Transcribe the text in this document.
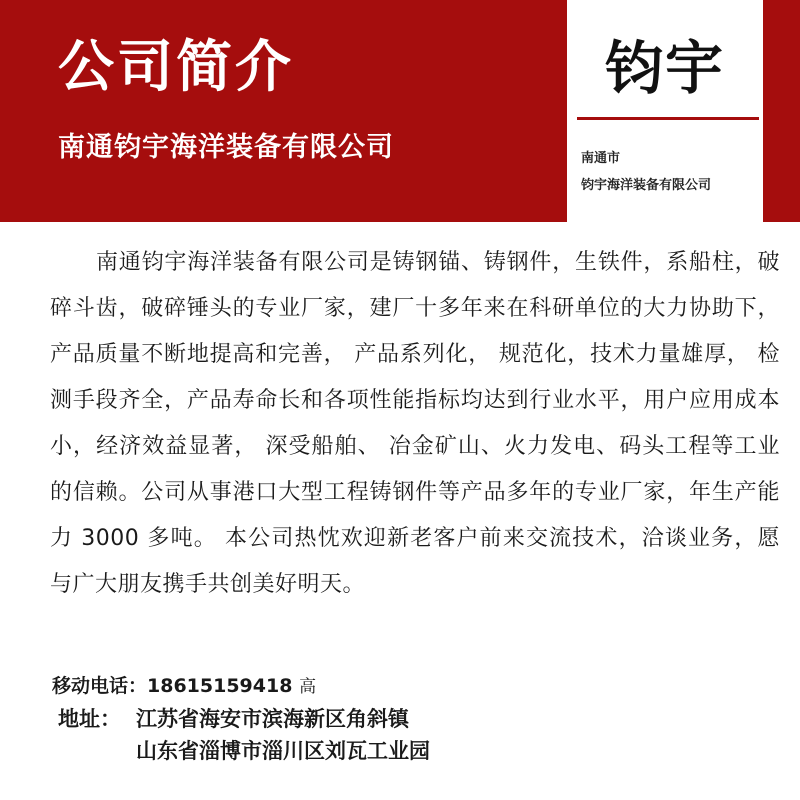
公司简介
南通钧宇海洋装备有限公司
钧宇
南通市
钧宇海洋装备有限公司

南通钧宇海洋装备有限公司是铸钢锚、铸钢件，生铁件，系船柱，破碎斗齿，破碎锤头的专业厂家，建厂十多年来在科研单位的大力协助下，产品质量不断地提高和完善， 产品系列化， 规范化，技术力量雄厚， 检测手段齐全，产品寿命长和各项性能指标均达到行业水平，用户应用成本小，经济效益显著， 深受船舶、 冶金矿山、火力发电、码头工程等工业的信赖。公司从事港口大型工程铸钢件等产品多年的专业厂家，年生产能力 3000 多吨。 本公司热忱欢迎新老客户前来交流技术，洽谈业务，愿与广大朋友携手共创美好明天。

移动电话：18615159418 高
地址： 江苏省海安市滨海新区角斜镇
山东省淄博市淄川区刘瓦工业园
